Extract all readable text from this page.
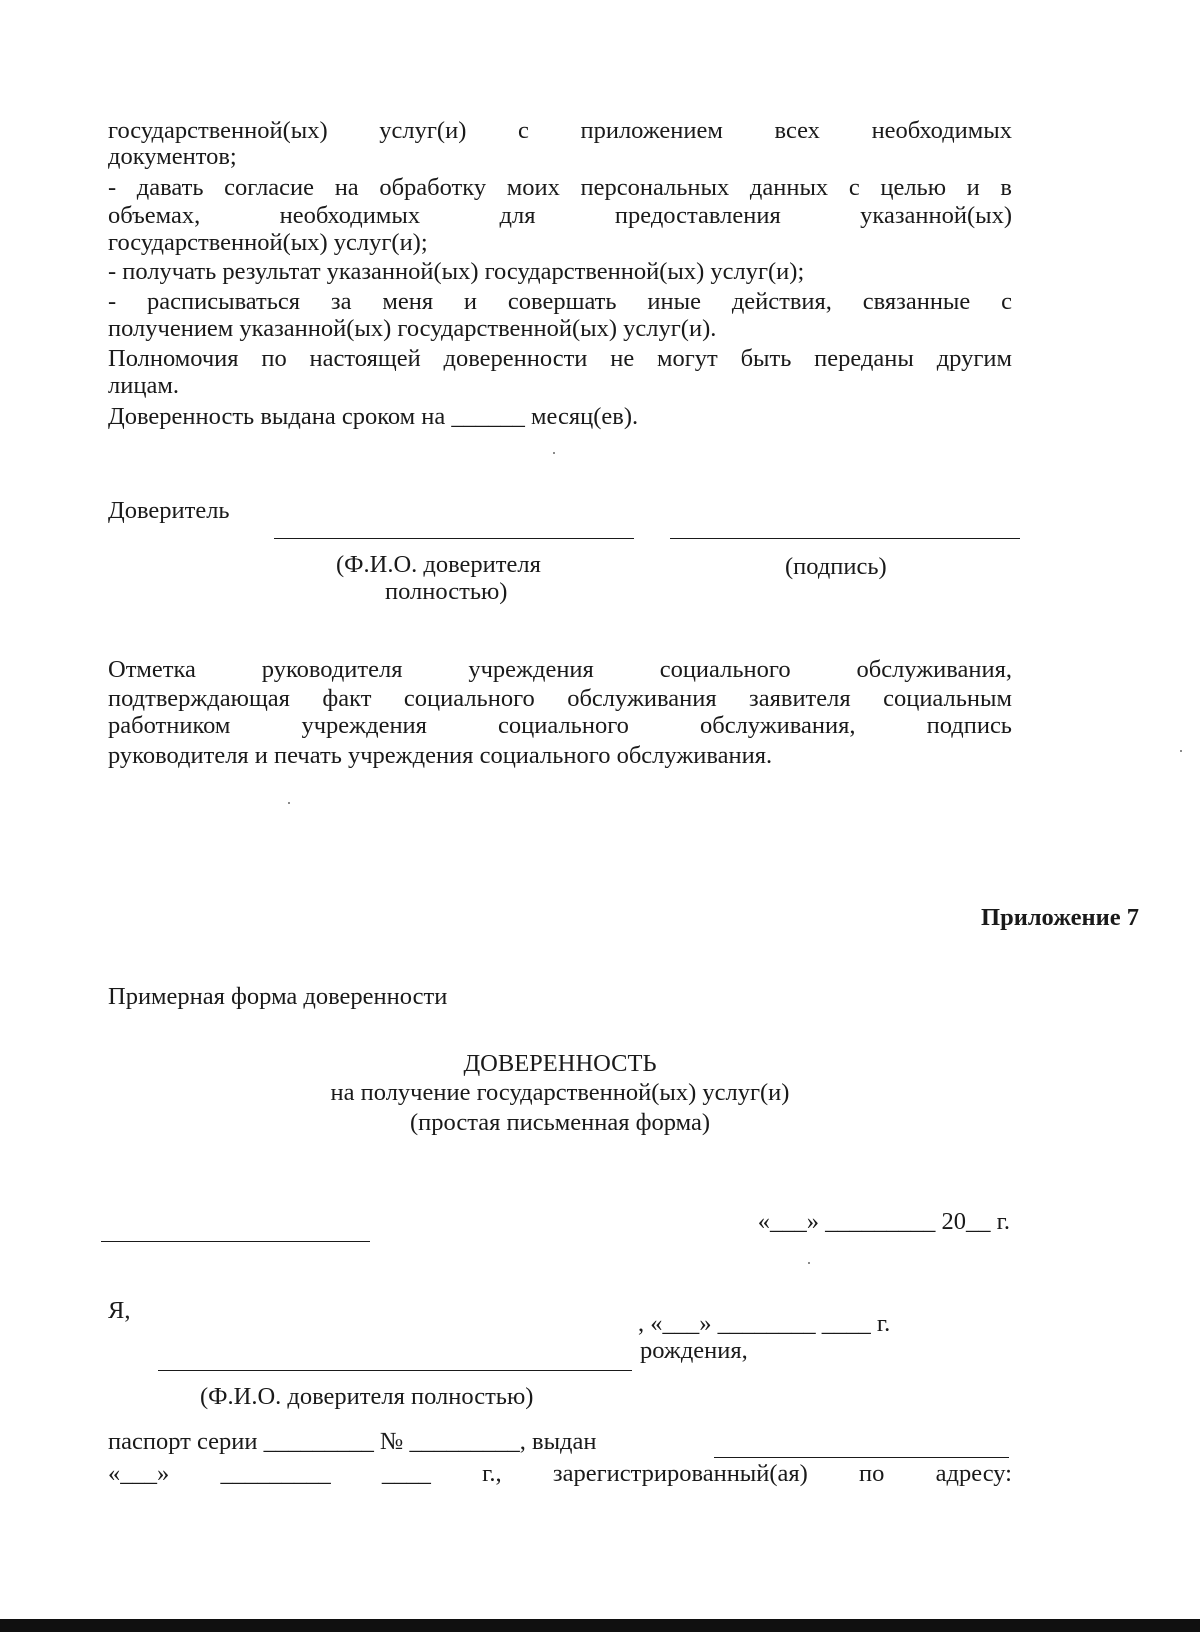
государственной(ых) услуг(и) с приложением всех необходимых
документов;
- давать согласие на обработку моих персональных данных с целью и в
объемах, необходимых для предоставления указанной(ых)
государственной(ых) услуг(и);
- получать результат указанной(ых) государственной(ых) услуг(и);
- расписываться за меня и совершать иные действия, связанные с
получением указанной(ых) государственной(ых) услуг(и).
Полномочия по настоящей доверенности не могут быть переданы другим
лицам.
Доверенность выдана сроком на ______ месяц(ев).
Доверитель
(Ф.И.О. доверителя
полностью)
(подпись)
Отметка руководителя учреждения социального обслуживания,
подтверждающая факт социального обслуживания заявителя социальным
работником учреждения социального обслуживания, подпись
руководителя и печать учреждения социального обслуживания.
Приложение 7
Примерная форма доверенности
ДОВЕРЕННОСТЬ
на получение государственной(ых) услуг(и)
(простая письменная форма)
«___» _________ 20__ г.
Я,	, «___» ________ ____ г.
рождения,
(Ф.И.О. доверителя полностью)
паспорт серии _________ № _________, выдан
«___» _________ ____ г., зарегистрированный(ая) по адресу:
